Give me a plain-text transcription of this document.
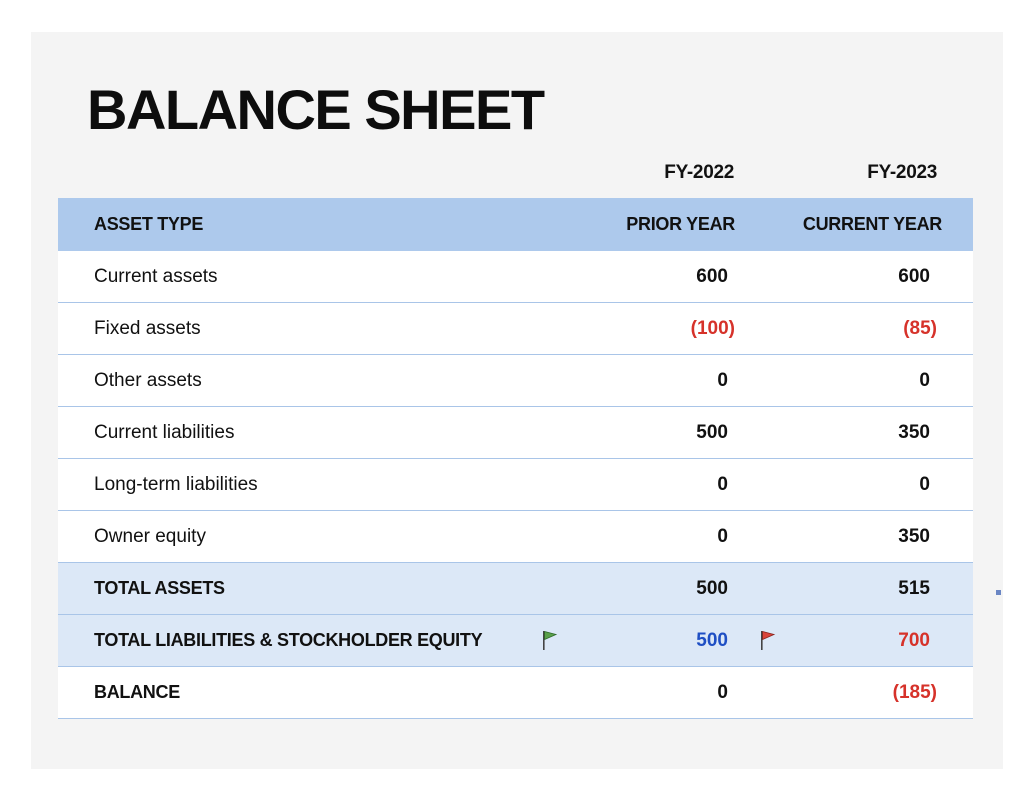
BALANCE SHEET
FY-2022	FY-2023
ASSET TYPE	PRIOR YEAR	CURRENT YEAR
Current assets	600	600
Fixed assets	(100)	(85)
Other assets	0	0
Current liabilities	500	350
Long-term liabilities	0	0
Owner equity	0	350
TOTAL ASSETS	500	515
TOTAL LIABILITIES & STOCKHOLDER EQUITY	500	700
BALANCE	0	(185)
